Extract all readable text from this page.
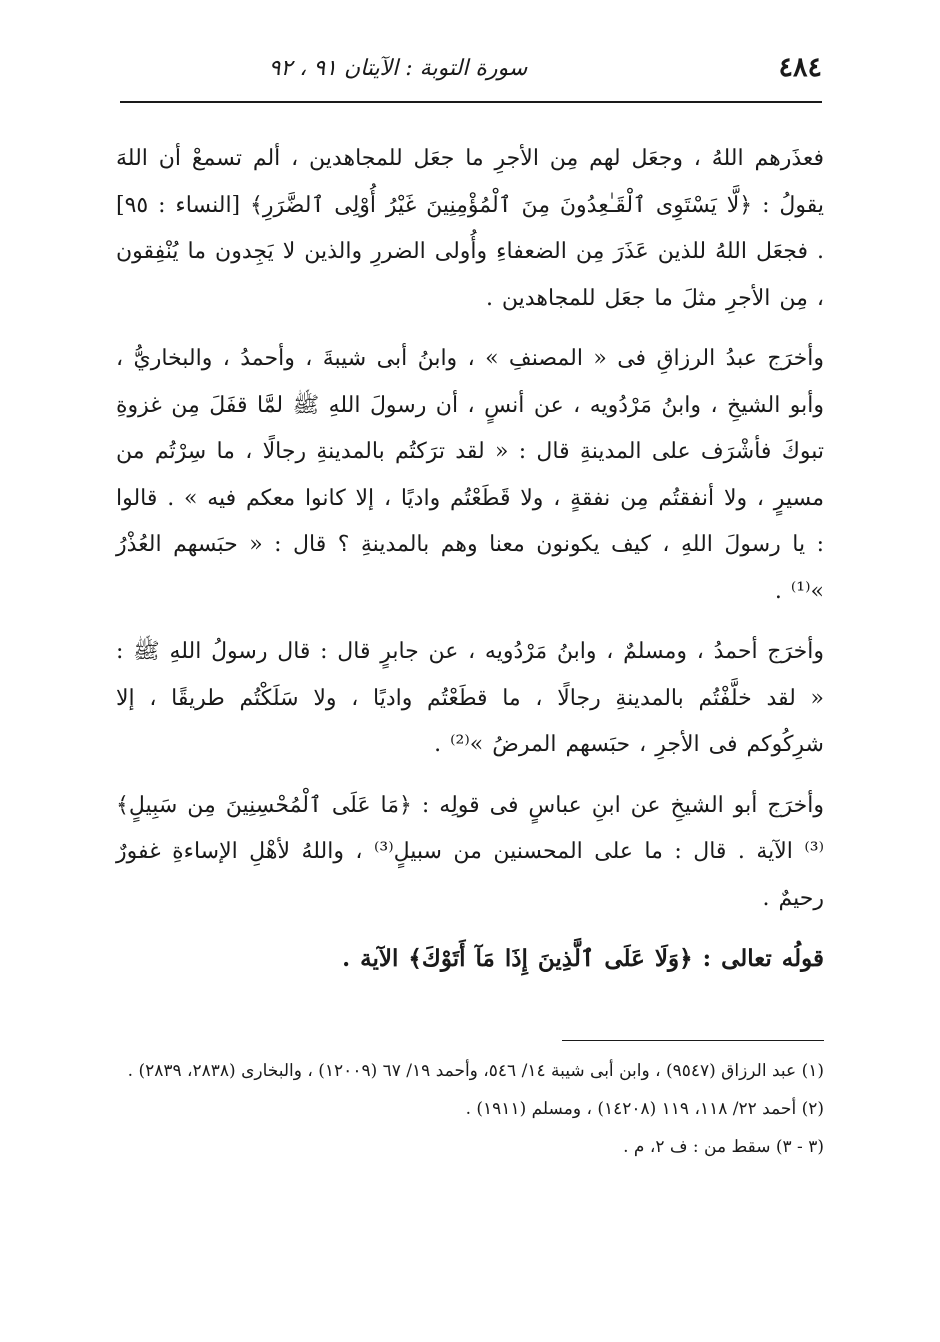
٤٨٤
سورة التوبة : الآيتان ٩١ ، ٩٢

فعذَرهم اللهُ ، وجعَل لهم مِن الأجرِ ما جعَل للمجاهدين ، ألم تسمعْ أن اللهَ يقولُ : ﴿لَّا يَسْتَوِى ٱلْقَـٰعِدُونَ مِنَ ٱلْمُؤْمِنِينَ غَيْرُ أُوْلِى ٱلضَّرَرِ﴾ [النساء : ٩٥] . فجعَل اللهُ للذين عَذَرَ مِن الضعفاءِ وأُولى الضررِ والذين لا يَجِدون ما يُنْفِقون ، مِن الأجرِ مثلَ ما جعَل للمجاهدين .

وأخرَج عبدُ الرزاقِ فى « المصنفِ » ، وابنُ أبى شيبةَ ، وأحمدُ ، والبخاريُّ ، وأبو الشيخِ ، وابنُ مَرْدُويه ، عن أنسٍ ، أن رسولَ اللهِ ﷺ لمَّا قفَلَ مِن غزوةِ تبوكَ فأشْرَف على المدينةِ قال : « لقد ترَكتُم بالمدينةِ رجالًا ، ما سِرْتُم من مسيرٍ ، ولا أنفقتُم مِن نفقةٍ ، ولا قَطَعْتُم واديًا ، إلا كانوا معكم فيه » . قالوا : يا رسولَ اللهِ ، كيف يكونون معنا وهم بالمدينةِ ؟ قال : « حبَسهم العُذْرُ »⁽¹⁾ .

وأخرَج أحمدُ ، ومسلمٌ ، وابنُ مَرْدُويه ، عن جابرٍ قال : قال رسولُ اللهِ ﷺ : « لقد خلَّفْتُم بالمدينةِ رجالًا ، ما قطَعْتُم واديًا ، ولا سَلَكْتُم طريقًا ، إلا شرِكُوكم فى الأجرِ ، حبَسهم المرضُ »⁽²⁾ .

وأخرَج أبو الشيخِ عن ابنِ عباسٍ فى قولِه : ﴿مَا عَلَى ٱلْمُحْسِنِينَ مِن سَبِيلٍ﴾⁽³⁾ الآية . قال : ما على المحسنين من سبيلٍ⁽³⁾ ، واللهُ لأهْلِ الإساءةِ غفورٌ رحيمٌ .

قولُه تعالى : ﴿وَلَا عَلَى ٱلَّذِينَ إِذَا مَآ أَتَوْكَ﴾ الآية .

(١) عبد الرزاق (٩٥٤٧) ، وابن أبى شيبة ١٤/ ٥٤٦، وأحمد ١٩/ ٦٧ (١٢٠٠٩) ، والبخارى (٢٨٣٨، ٢٨٣٩) .

(٢) أحمد ٢٢/ ١١٨، ١١٩ (١٤٢٠٨) ، ومسلم (١٩١١) .

(٣ - ٣) سقط من : ف ٢، م .
